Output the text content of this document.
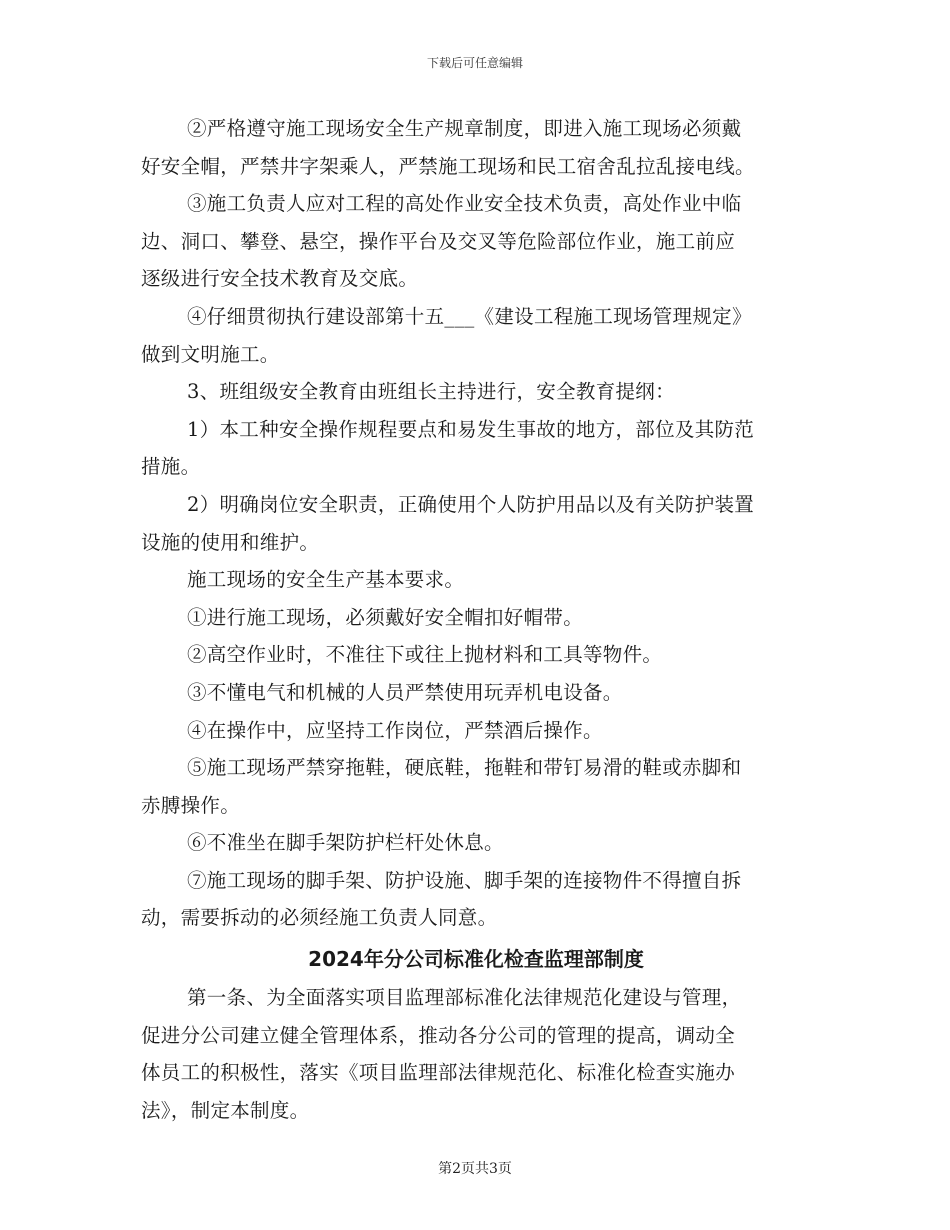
下载后可任意编辑
②严格遵守施工现场安全生产规章制度，即进入施工现场必须戴
好安全帽，严禁井字架乘人，严禁施工现场和民工宿舍乱拉乱接电线。
③施工负责人应对工程的高处作业安全技术负责，高处作业中临
边、洞口、攀登、悬空，操作平台及交叉等危险部位作业，施工前应
逐级进行安全技术教育及交底。
④仔细贯彻执行建设部第十五___《建设工程施工现场管理规定》
做到文明施工。
3、班组级安全教育由班组长主持进行，安全教育提纲：
1）本工种安全操作规程要点和易发生事故的地方，部位及其防范
措施。
2）明确岗位安全职责，正确使用个人防护用品以及有关防护装置
设施的使用和维护。
施工现场的安全生产基本要求。
①进行施工现场，必须戴好安全帽扣好帽带。
②高空作业时，不准往下或往上抛材料和工具等物件。
③不懂电气和机械的人员严禁使用玩弄机电设备。
④在操作中，应坚持工作岗位，严禁酒后操作。
⑤施工现场严禁穿拖鞋，硬底鞋，拖鞋和带钉易滑的鞋或赤脚和
赤膊操作。
⑥不准坐在脚手架防护栏杆处休息。
⑦施工现场的脚手架、防护设施、脚手架的连接物件不得擅自拆
动，需要拆动的必须经施工负责人同意。
2024年分公司标准化检查监理部制度
第一条、为全面落实项目监理部标准化法律规范化建设与管理，
促进分公司建立健全管理体系，推动各分公司的管理的提高，调动全
体员工的积极性，落实《项目监理部法律规范化、标准化检查实施办
法》，制定本制度。
第2页共3页
